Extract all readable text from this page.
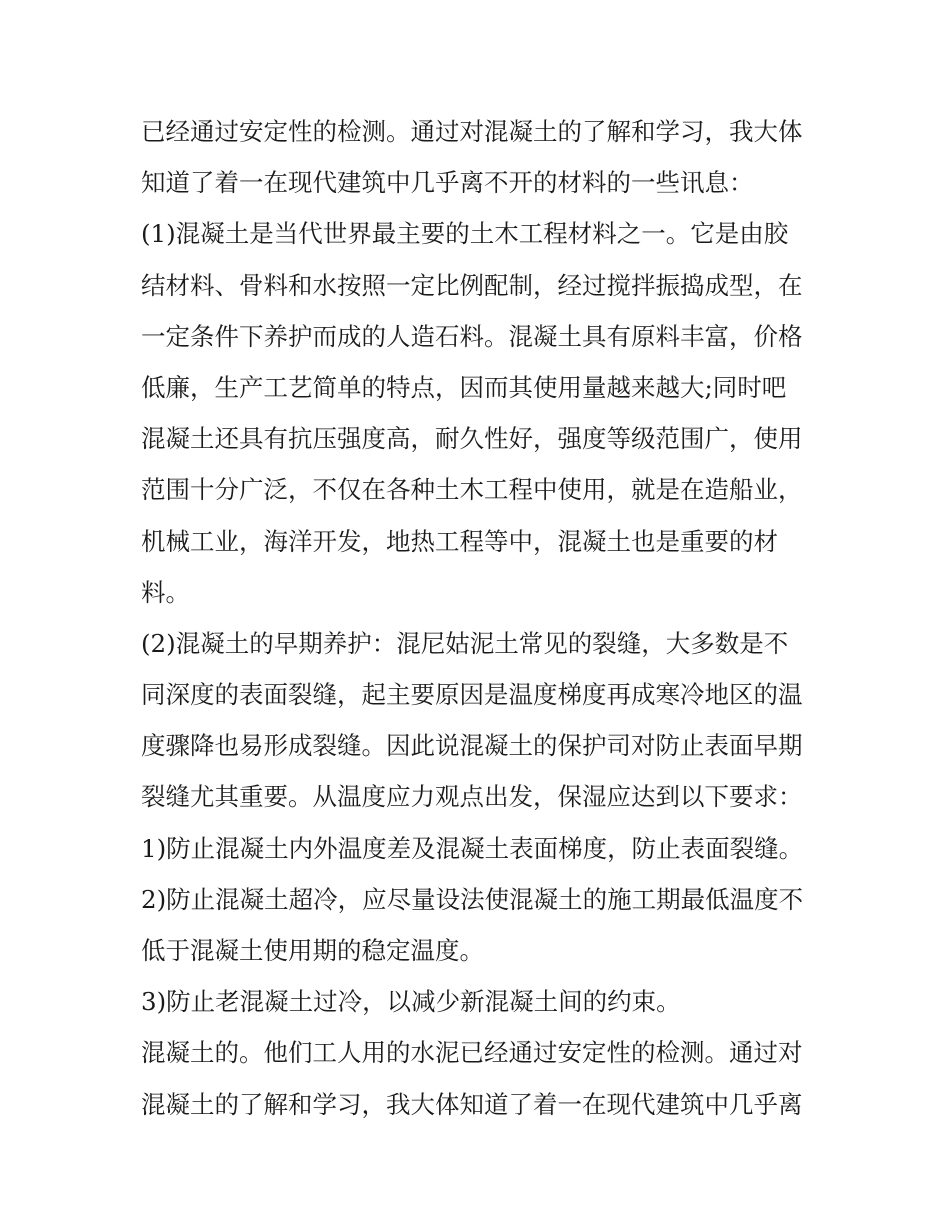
已经通过安定性的检测。通过对混凝土的了解和学习，我大体
知道了着一在现代建筑中几乎离不开的材料的一些讯息：
(1)混凝土是当代世界最主要的土木工程材料之一。它是由胶
结材料、骨料和水按照一定比例配制，经过搅拌振捣成型，在
一定条件下养护而成的人造石料。混凝土具有原料丰富，价格
低廉，生产工艺简单的特点，因而其使用量越来越大;同时吧
混凝土还具有抗压强度高，耐久性好，强度等级范围广，使用
范围十分广泛，不仅在各种土木工程中使用，就是在造船业，
机械工业，海洋开发，地热工程等中，混凝土也是重要的材
料。
(2)混凝土的早期养护：混尼姑泥土常见的裂缝，大多数是不
同深度的表面裂缝，起主要原因是温度梯度再成寒冷地区的温
度骤降也易形成裂缝。因此说混凝土的保护司对防止表面早期
裂缝尤其重要。从温度应力观点出发，保湿应达到以下要求：
1)防止混凝土内外温度差及混凝土表面梯度，防止表面裂缝。
2)防止混凝土超冷，应尽量设法使混凝土的施工期最低温度不
低于混凝土使用期的稳定温度。
3)防止老混凝土过冷，以减少新混凝土间的约束。
混凝土的。他们工人用的水泥已经通过安定性的检测。通过对
混凝土的了解和学习，我大体知道了着一在现代建筑中几乎离
